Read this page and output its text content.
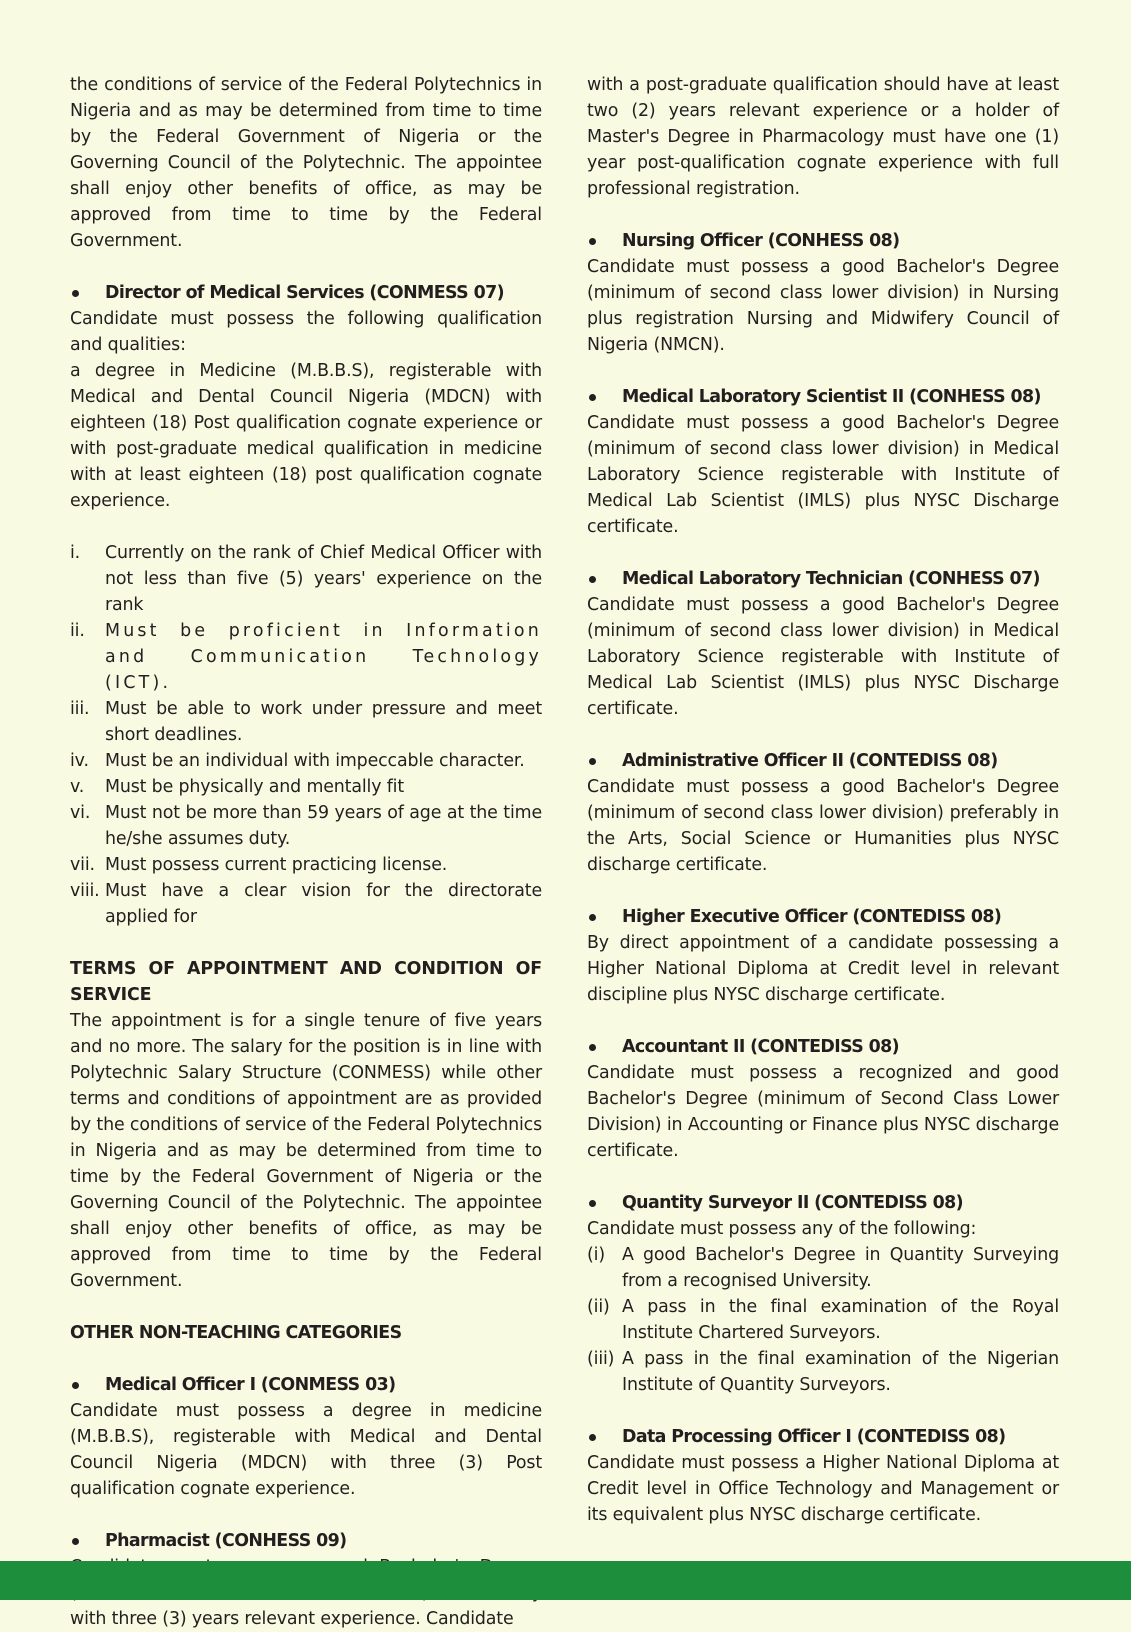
the conditions of service of the Federal Polytechnics in Nigeria and as may be determined from time to time by the Federal Government of Nigeria or the Governing Council of the Polytechnic. The appointee shall enjoy other benefits of office, as may be approved from time to time by the Federal Government.

Director of Medical Services (CONMESS 07)

Candidate must possess the following qualification and qualities:

a degree in Medicine (M.B.B.S), registerable with Medical and Dental Council Nigeria (MDCN) with eighteen (18) Post qualification cognate experience or with post-graduate medical qualification in medicine with at least eighteen (18) post qualification cognate experience.

i. Currently on the rank of Chief Medical Officer with not less than five (5) years' experience on the rank
ii. Must be proficient in Information and Communication Technology (ICT).
iii. Must be able to work under pressure and meet short deadlines.
iv. Must be an individual with impeccable character.
v. Must be physically and mentally fit
vi. Must not be more than 59 years of age at the time he/she assumes duty.
vii. Must possess current practicing license.
viii. Must have a clear vision for the directorate applied for

TERMS OF APPOINTMENT AND CONDITION OF SERVICE

The appointment is for a single tenure of five years and no more. The salary for the position is in line with Polytechnic Salary Structure (CONMESS) while other terms and conditions of appointment are as provided by the conditions of service of the Federal Polytechnics in Nigeria and as may be determined from time to time by the Federal Government of Nigeria or the Governing Council of the Polytechnic. The appointee shall enjoy other benefits of office, as may be approved from time to time by the Federal Government.

OTHER NON-TEACHING CATEGORIES

Medical Officer I (CONMESS 03)

Candidate must possess a degree in medicine (M.B.B.S), registerable with Medical and Dental Council Nigeria (MDCN) with three (3) Post qualification cognate experience.

Pharmacist (CONHESS 09)

with three (3) years relevant experience. Candidate

with a post-graduate qualification should have at least two (2) years relevant experience or a holder of Master's Degree in Pharmacology must have one (1) year post-qualification cognate experience with full professional registration.

Nursing Officer (CONHESS 08)

Candidate must possess a good Bachelor's Degree (minimum of second class lower division) in Nursing plus registration Nursing and Midwifery Council of Nigeria (NMCN).

Medical Laboratory Scientist II (CONHESS 08)

Candidate must possess a good Bachelor's Degree (minimum of second class lower division) in Medical Laboratory Science registerable with Institute of Medical Lab Scientist (IMLS) plus NYSC Discharge certificate.

Medical Laboratory Technician (CONHESS 07)

Candidate must possess a good Bachelor's Degree (minimum of second class lower division) in Medical Laboratory Science registerable with Institute of Medical Lab Scientist (IMLS) plus NYSC Discharge certificate.

Administrative Officer II (CONTEDISS 08)

Candidate must possess a good Bachelor's Degree (minimum of second class lower division) preferably in the Arts, Social Science or Humanities plus NYSC discharge certificate.

Higher Executive Officer (CONTEDISS 08)

By direct appointment of a candidate possessing a Higher National Diploma at Credit level in relevant discipline plus NYSC discharge certificate.

Accountant II (CONTEDISS 08)

Candidate must possess a recognized and good Bachelor's Degree (minimum of Second Class Lower Division) in Accounting or Finance plus NYSC discharge certificate.

Quantity Surveyor II (CONTEDISS 08)

Candidate must possess any of the following:

(i) A good Bachelor's Degree in Quantity Surveying from a recognised University.
(ii) A pass in the final examination of the Royal Institute Chartered Surveyors.
(iii) A pass in the final examination of the Nigerian Institute of Quantity Surveyors.
Data Processing Officer I (CONTEDISS 08)

Candidate must possess a Higher National Diploma at Credit level in Office Technology and Management or its equivalent plus NYSC discharge certificate.
